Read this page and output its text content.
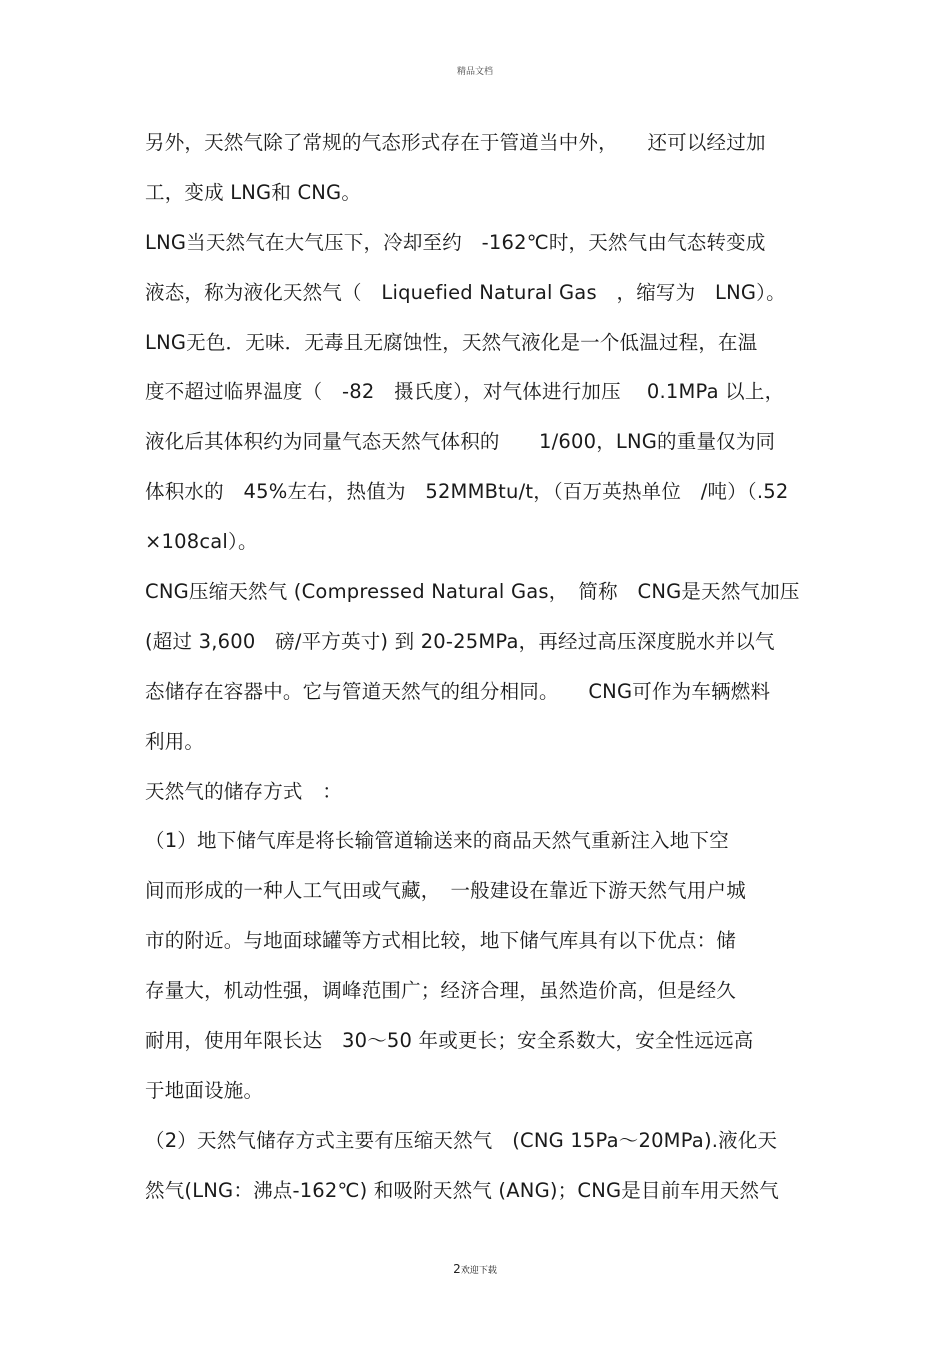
精品文档
另外，天然气除了常规的气态形式存在于管道当中外，　　还可以经过加
工，变成 LNG和 CNG。
LNG当天然气在大气压下，冷却至约　-162℃时，天然气由气态转变成
液态，称为液化天然气（　Liquefied Natural Gas　，缩写为　LNG）。
LNG无色．无味．无毒且无腐蚀性，天然气液化是一个低温过程，在温
度不超过临界温度（　-82　摄氏度），对气体进行加压　 0.1MPa 以上，
液化后其体积约为同量气态天然气体积的　　1/600，LNG的重量仅为同
体积水的　45%左右，热值为　52MMBtu/t，（百万英热单位　/吨）（.52
×108cal）。
CNG压缩天然气 (Compressed Natural Gas，　简称　CNG是天然气加压
(超过 3,600　磅/平方英寸) 到 20-25MPa，再经过高压深度脱水并以气
态储存在容器中。它与管道天然气的组分相同。　　CNG可作为车辆燃料
利用。
天然气的储存方式　：
（1）地下储气库是将长输管道输送来的商品天然气重新注入地下空
间而形成的一种人工气田或气藏，　一般建设在靠近下游天然气用户城
市的附近。与地面球罐等方式相比较，地下储气库具有以下优点：储
存量大，机动性强，调峰范围广；经济合理，虽然造价高，但是经久
耐用，使用年限长达　30～50 年或更长；安全系数大，安全性远远高
于地面设施。
（2）天然气储存方式主要有压缩天然气　(CNG 15Pa～20MPa).液化天
然气(LNG：沸点-162℃) 和吸附天然气 (ANG)；CNG是目前车用天然气
2欢迎下载
